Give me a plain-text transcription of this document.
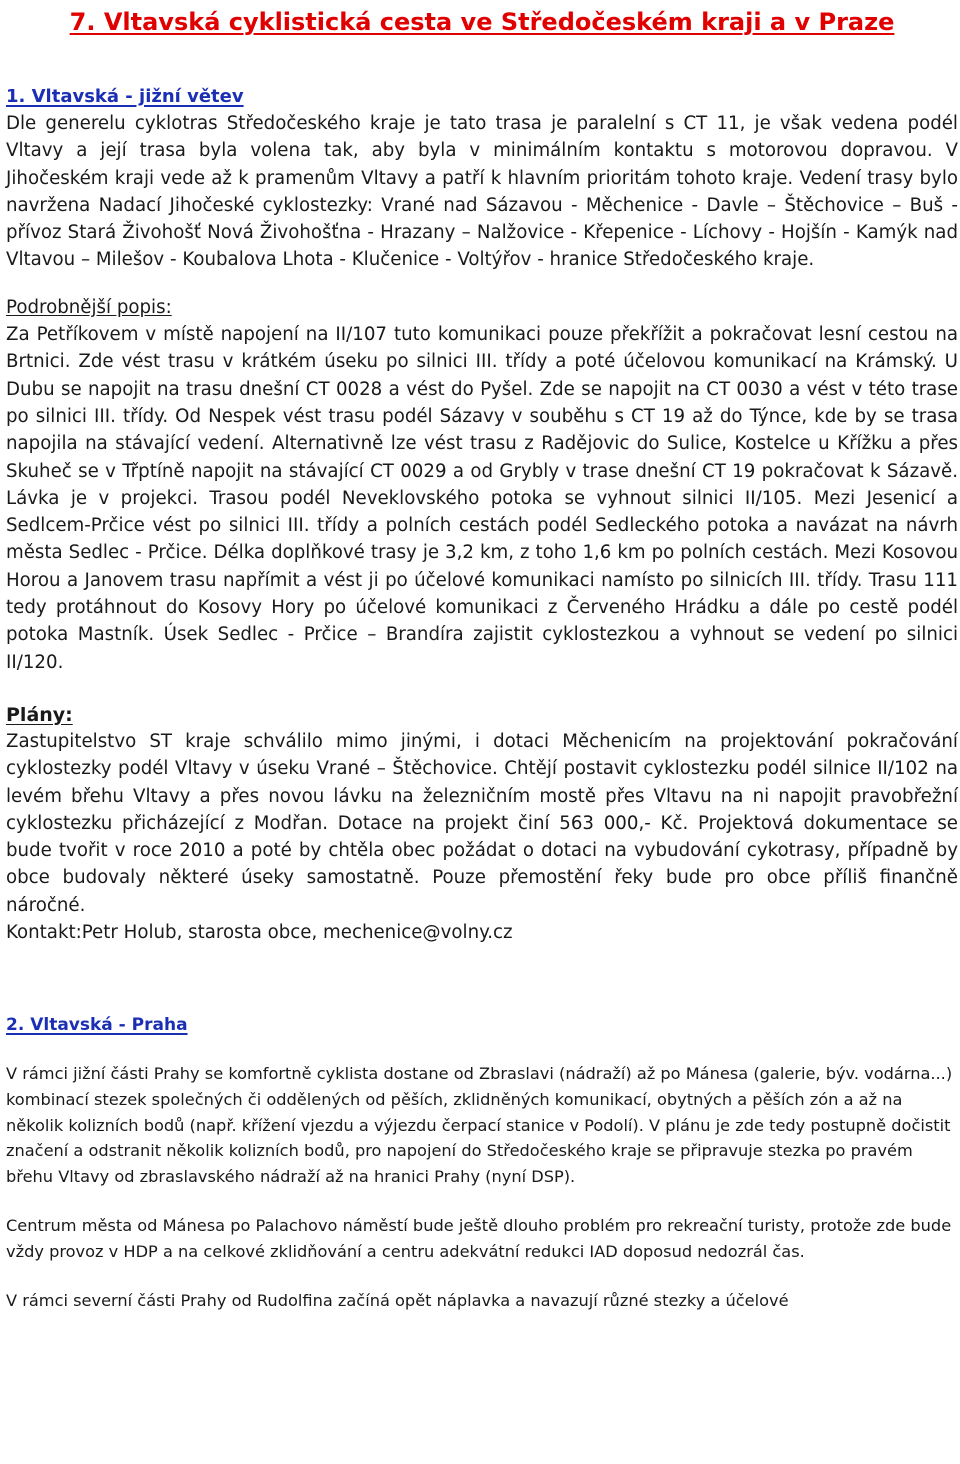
7. Vltavská cyklistická cesta ve Středočeském kraji a v Praze
1. Vltavská - jižní větev

Dle generelu cyklotras Středočeského kraje je tato trasa je paralelní s CT 11, je však vedena podél Vltavy a její trasa byla volena tak, aby byla v minimálním kontaktu s motorovou dopravou. V Jihočeském kraji vede až k pramenům Vltavy a patří k hlavním prioritám tohoto kraje. Vedení trasy bylo navržena Nadací Jihočeské cyklostezky: Vrané nad Sázavou - Měchenice - Davle – Štěchovice – Buš - přívoz Stará Živohošť Nová Živohošťna - Hrazany – Nalžovice - Křepenice - Líchovy - Hojšín - Kamýk nad Vltavou – Milešov - Koubalova Lhota - Klučenice - Voltýřov - hranice Středočeského kraje.

Podrobnější popis:

Za Petříkovem v místě napojení na II/107 tuto komunikaci pouze překřížit a pokračovat lesní cestou na Brtnici. Zde vést trasu v krátkém úseku po silnici III. třídy a poté účelovou komunikací na Krámský. U Dubu se napojit na trasu dnešní CT 0028 a vést do Pyšel. Zde se napojit na CT 0030 a vést v této trase po silnici III. třídy. Od Nespek vést trasu podél Sázavy v souběhu s CT 19 až do Týnce, kde by se trasa napojila na stávající vedení. Alternativně lze vést trasu z Radějovic do Sulice, Kostelce u Křížku a přes Skuheč se v Třptíně napojit na stávající CT 0029 a od Grybly v trase dnešní CT 19 pokračovat k Sázavě. Lávka je v projekci. Trasou podél Neveklovského potoka se vyhnout silnici II/105. Mezi Jesenicí a Sedlcem-Prčice vést po silnici III. třídy a polních cestách podél Sedleckého potoka a navázat na návrh města Sedlec - Prčice. Délka doplňkové trasy je 3,2 km, z toho 1,6 km po polních cestách. Mezi Kosovou Horou a Janovem trasu napřímit a vést ji po účelové komunikaci namísto po silnicích III. třídy. Trasu 111 tedy protáhnout do Kosovy Hory po účelové komunikaci z Červeného Hrádku a dále po cestě podél potoka Mastník. Úsek Sedlec - Prčice – Brandíra zajistit cyklostezkou a vyhnout se vedení po silnici II/120.

Plány:

Zastupitelstvo ST kraje schválilo mimo jinými, i dotaci Měchenicím na projektování pokračování cyklostezky podél Vltavy v úseku Vrané – Štěchovice. Chtějí postavit cyklostezku podél silnice II/102 na levém břehu Vltavy a přes novou lávku na železničním mostě přes Vltavu na ni napojit pravobřežní cyklostezku přicházející z Modřan. Dotace na projekt činí 563 000,- Kč. Projektová dokumentace se bude tvořit v roce 2010 a poté by chtěla obec požádat o dotaci na vybudování cykotrasy, případně by obce budovaly některé úseky samostatně. Pouze přemostění řeky bude pro obce příliš finančně náročné.

Kontakt:Petr Holub, starosta obce, mechenice@volny.cz

2. Vltavská - Praha

V rámci jižní části Prahy se komfortně cyklista dostane od Zbraslavi (nádraží) až po Mánesa (galerie, býv. vodárna...) kombinací stezek společných či oddělených od pěších, zklidněných komunikací, obytných a pěších zón a až na několik kolizních bodů (např. křížení vjezdu a výjezdu čerpací stanice v Podolí). V plánu je zde tedy postupně dočistit značení a odstranit několik kolizních bodů, pro napojení do Středočeského kraje se připravuje stezka po pravém břehu Vltavy od zbraslavského nádraží až na hranici Prahy (nyní DSP).

Centrum města od Mánesa po Palachovo náměstí bude ještě dlouho problém pro rekreační turisty, protože zde bude vždy provoz v HDP a na celkové zklidňování a centru adekvátní redukci IAD doposud nedozrál čas.

V rámci severní části Prahy od Rudolfina začíná opět náplavka a navazují různé stezky a účelové
